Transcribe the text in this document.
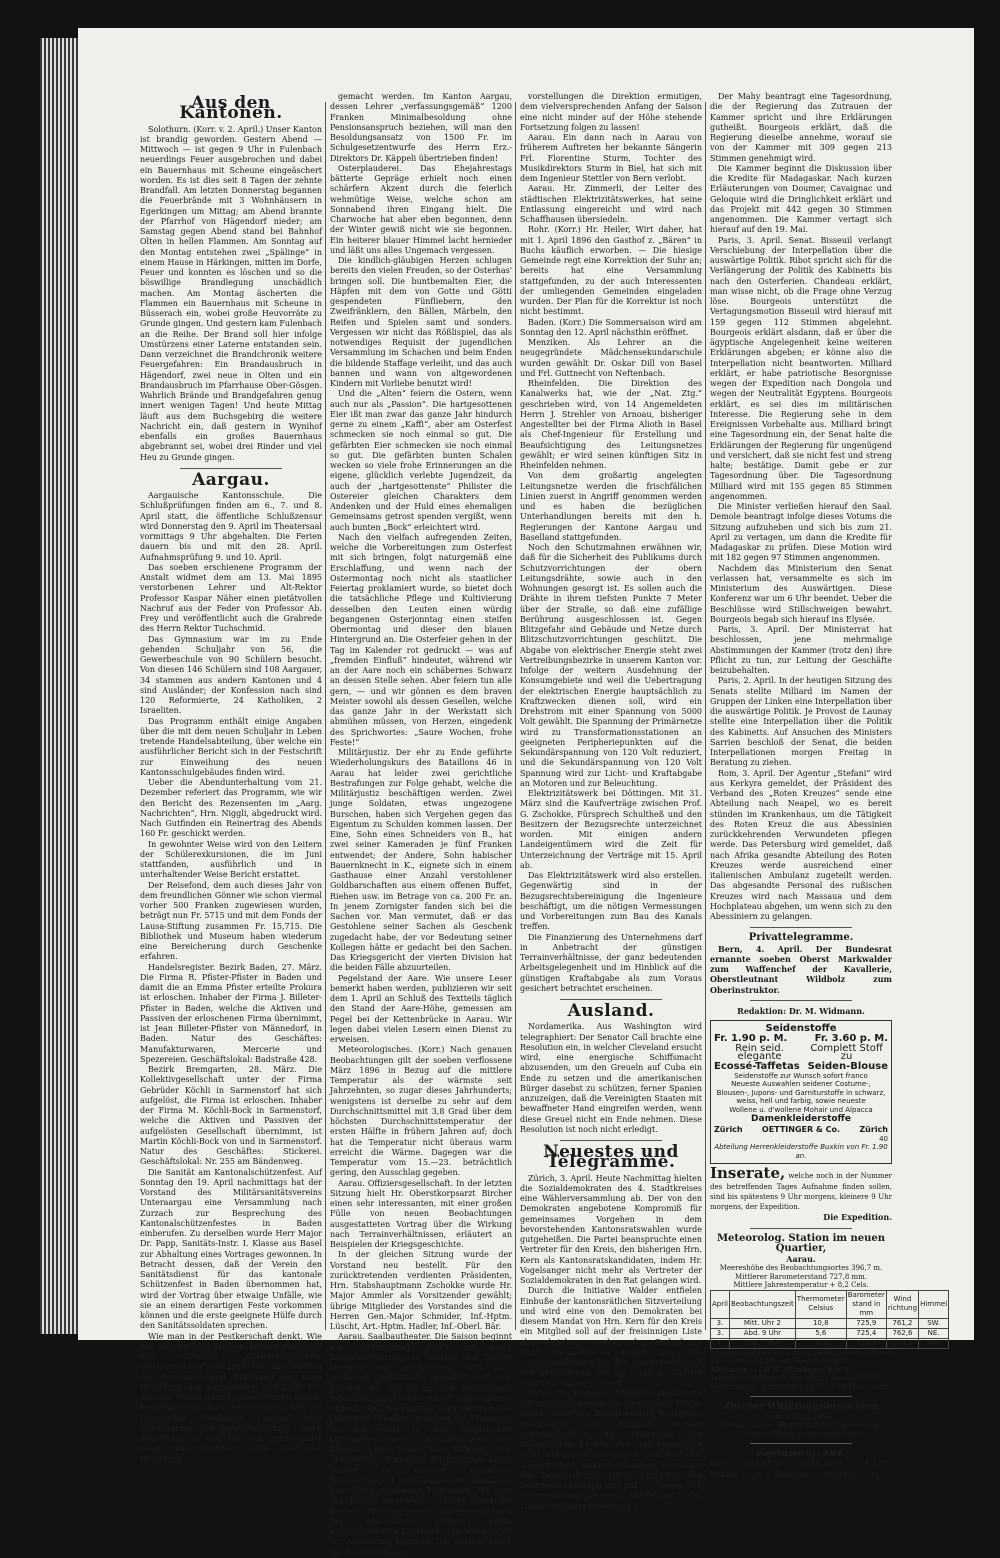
Aus den Kantonen.

Solothurn. (Korr. v. 2. April.) Unser Kanton ist brandig geworden. Gestern Abend — Mittwoch — ist gegen 9 Uhr in Fulenbach neuerdings Feuer ausgebrochen und dabei ein Bauernhaus mit Scheune eingeäschert worden. Es ist dies seit 8 Tagen der zehnte Brandfall. Am letzten Donnerstag begannen die Feuerbrände mit 3 Wohnhäusern in Egerkingen um Mittag; am Abend brannte der Pfarrhof von Hägendorf nieder; am Samstag gegen Abend stand bei Bahnhof Olten in hellen Flammen. Am Sonntag auf den Montag entstehen zwei „Spälinge“ in einem Hause in Härkingen, mitten im Dorfe, Feuer und konnten es löschen und so die böswillige Brandlegung unschädlich machen. Am Montag äscherten die Flammen ein Bauernhaus mit Scheune in Büsserach ein, wobei große Heuvorräte zu Grunde gingen. Und gestern kam Fulenbach an die Reihe. Der Brand soll hier infolge Umstürzens einer Laterne entstanden sein. Dann verzeichnet die Brandchronik weitere Feuergefahren: Ein Brandausbruch in Hägendorf, zwei neue in Olten und ein Brandausbruch im Pfarrhause Ober-Gösgen. Wahrlich Brände und Brandgefahren genug innert wenigen Tagen! Und heute Mittag läuft aus dem Buchsgebirg die weitere Nachricht ein, daß gestern in Wynihof ebenfalls ein großes Bauernhaus abgebrannt sei, wobei drei Rinder und viel Heu zu Grunde gingen.

Aargau.

Aargauische Kantonsschule. Die Schlußprüfungen finden am 6., 7. und 8. April statt, die öffentliche Schlußzensur wird Donnerstag den 9. April im Theatersaal vormittags 9 Uhr abgehalten. Die Ferien dauern bis und mit den 28. April. Aufnahmsprüfung 9. und 10. April.

Das soeben erschienene Programm der Anstalt widmet dem am 13. Mai 1895 verstorbenen Lehrer und Alt-Rektor Professor Kaspar Näher einen pietätvollen Nachruf aus der Feder von Professor Ab. Frey und veröffentlicht auch die Grabrede des Herrn Rektor Tuchschmid.

Das Gymnasium war im zu Ende gehenden Schuljahr von 56, die Gewerbeschule von 90 Schülern besucht. Von diesen 146 Schülern sind 108 Aargauer, 34 stammen aus andern Kantonen und 4 sind Ausländer; der Konfession nach sind 120 Reformierte, 24 Katholiken, 2 Israeliten.

Das Programm enthält einige Angaben über die mit dem neuen Schuljahr in Leben tretende Handelsabteilung, über welche ein ausführlicher Bericht sich in der Festschrift zur Einweihung des neuen Kantonsschulgebäudes finden wird.

Ueber die Abendunterhaltung vom 21. Dezember referiert das Programm, wie wir den Bericht des Rezensenten im „Aarg. Nachrichten“, Hrn. Niggli, abgedruckt wird. Nach Gutfinden ein Reinertrag des Abends 160 Fr. geschickt werden.

In gewohnter Weise wird von den Leitern der Schülerexkursionen, die im Juni stattfanden, ausführlich und in unterhaltender Weise Bericht erstattet.

Der Reisefond, dem auch dieses Jahr von dem freundlichen Gönner wie schon viermal vorher 500 Franken zugewiesen wurden, beträgt nun Fr. 5715 und mit dem Fonds der Lausa-Stiftung zusammen Fr. 15,715. Die Bibliothek und Museum haben wiederum eine Bereicherung durch Geschenke erfahren.

Handelsregister. Bezirk Baden, 27. März. Die Firma R. Pfister-Pfister in Baden und damit die an Emma Pfister erteilte Prokura ist erloschen. Inhaber der Firma J. Billeter-Pfister in Baden, welche die Aktiven und Passiven der erloschenen Firma übernimmt, ist Jean Billeter-Pfister von Männedorf, in Baden. Natur des Geschäftes: Manufakturwaren, Mercerie und Spezereien. Geschäftslokal: Badstraße 428.

Bezirk Bremgarten, 28. März. Die Kollektivgesellschaft unter der Firma Gebrüder Köchli in Sarmenstorf hat sich aufgelöst, die Firma ist erloschen. Inhaber der Firma M. Köchli-Bock in Sarmenstorf, welche die Aktiven und Passiven der aufgelösten Gesellschaft übernimmt, ist Martin Köchli-Bock von und in Sarmenstorf. Natur des Geschäftes: Stickerei. Geschäftslokal: Nr. 255 am Bändenweg.

Die Sanität am Kantonalschützenfest. Auf Sonntag den 19. April nachmittags hat der Vorstand des Militärsanitätsvereins Unteraargau eine Versammlung nach Zurzach zur Besprechung des Kantonalschützenfestes in Baden einberufen. Zu derselben wurde Herr Major Dr. Papp, Sanitäts-Instr. I. Klasse aus Basel zur Abhaltung eines Vortrages gewonnen. In Betracht dessen, daß der Verein den Sanitätsdienst für das kantonale Schützenfest in Baden übernommen hat, wird der Vortrag über etwaige Unfälle, wie sie an einem derartigen Feste vorkommen können und die erste geeignete Hülfe durch den Sanitätssoldaten sprechen.

Wie man in der Pestkerschaft denkt. Wie aus bäuerlichen Kreisen heraus denkende und wirkende „Bülach-Dielsdorfer Wochenzeitung“ plädiert für Abschaffung der Pensionen und Erhöhung der fixen Besoldung der Primarlehrer auf 2000 Fr., die vom Staate ganz zu übernehmen wären. Das Blatt legt das Geständnis ab, daß die finanziellen Bedenken gegen eine Uebernahme der Lehrerbesoldung durch den Staat an und für sich unbegründet seien; man komme, sollte aber der Besoldung

gemacht werden. Im Kanton Aargau, dessen Lehrer „verfassungsgemäß“ 1200 Franken Minimalbesoldung ohne Pensionsanspruch beziehen, will man den Besoldungsansatz von 1500 Fr. im Schulgesetzentwurfe des Herrn Erz.-Direktors Dr. Käppeli übertrieben finden!

Osterplauderei. Das Ehejahrestags bätterte Gepräge erhielt noch einen schärfern Akzent durch die feierlich wehmütige Weise, welche schon am Sonnabend ihren Eingang hielt. Die Charwoche hat aber eben begonnen, denn der Winter gewiß nicht wie sie begonnen. Ein heiterer blauer Himmel lacht hernieder und läßt uns alles Ungemach vergessen.

Die kindlich-gläubigen Herzen schlugen bereits den vielen Freuden, so der Osterhas' bringen soll. Die buntbemalten Eier, die Häpfen mit dem von Gotte und Götti gespendeten Fünfliebern, den Zweifränklern, den Bällen, Märbeln, den Reifen und Spielen samt und sonders. Vergessen wir nicht das Rößlispiel, das als notwendiges Requisit der jugendlichen Versammlung im Schachen und beim Enden die bildende Staffage verleiht, und das auch bannen und wann von altgewordenen Kindern mit Vorliebe benutzt wird!

Und die „Alten“ feiern die Ostern, wenn auch nur als „Passion“. Die hartgesottenen Eier ißt man zwar das ganze Jahr hindurch gerne zu einem „Kaffi“, aber am Osterfest schmecken sie noch einmal so gut. Die gefärbten Eier schmecken sie noch einmal so gut. Die gefärbten bunten Schalen wecken so viele frohe Erinnerungen an die eigene, glücklich verlebte Jugendzeit, da auch der „hartgesottenste“ Philister die Ostereier gleichen Charakters dem Andenken und der Huld eines ehemaligen Gemeinsams getrost spenden vergißt, wenn auch bunten „Bock“ erleichtert wird.

Nach den vielfach aufregenden Zeiten, welche die Vorbereitungen zum Osterfest mit sich bringen, folgt naturgemäß eine Erschlaffung, und wenn nach der Ostermontag noch nicht als staatlicher Feiertag proklamiert wurde, so bietet doch die tatsächliche Pflege und Kultivierung desselben den Leuten einen würdig begangenen Osterjonntag einen steifen Obermontag und dieser den blauen Hintergrund an. Die Osterfeier gehen in der Tag im Kalender rot gedruckt — was auf „fremden Einfluß“ hindeutet, während wir an der Aare noch ein schäbernes Schwarz an dessen Stelle sehen. Aber feiern tun alle gern, — und wir gönnen es dem braven Meister sowohl als dessen Gesellen, welche das ganze Jahr in der Werkstatt sich abmühen müssen, von Herzen, eingedenk des Sprichwortes: „Saure Wochen, frohe Feste!“

Militärjustiz. Der ehr zu Ende geführte Wiederholungskurs des Bataillons 46 in Aarau hat leider zwei gerichtliche Bestrafungen zur Folge gehabt, welche die Militärjustiz beschäftigen werden. Zwei junge Soldaten, etwas ungezogene Burschen, haben sich Vergehen gegen das Eigentum zu Schulden kommen lassen. Der Eine, Sohn eines Schneiders von B., hat zwei seiner Kameraden je fünf Franken entwendet; der Andere, Sohn habischer Bauernknecht in K., eignete sich in einem Gasthause einer Anzahl verstohlener Goldbarschaften aus einem offenen Buffet, Riehen usw. im Betrage von ca. 200 Fr. an. In jenem Zornigster fanden sich bei die Sachen vor. Man vermutet, daß er das Gestohlene seiner Sachen als Geschenk zugedacht habe, der vor Bedeutung seiner Kollegen hätte er gedacht bei den Sachen. Das Kriegsgericht der vierten Division hat die beiden Fälle abzuurteilen.

Pegelstand der Aare. Wie unsere Leser bemerkt haben werden, publizieren wir seit dem 1. April an Schluß des Textteils täglich den Stand der Aare-Höhe, gemessen am Pegel bei der Kettenbrücke in Aarau. Wir legen dabei vielen Lesern einen Dienst zu erweisen.

Meteorologisches. (Korr.) Nach genauen Beobachtungen gilt der soeben verflossene März 1896 in Bezug auf die mittlere Temperatur als der wärmste seit Jahrzehnten, so zugar dieses Jahrhunderts; wenigstens ist derselbe zu sehr auf dem Durchschnittsmittel mit 3,8 Grad über dem höchsten Durchschnittstemperatur der ersten Hälfte in frühern Jahren auf; doch hat die Temperatur nicht überaus warm erreicht die Wärme. Dagegen war die Temperatur vom 15.—23. beträchtlich gering, den Ausschlag gegeben.

Aarau. Offiziersgesellschaft. In der letzten Sitzung hielt Hr. Oberstkorpsarzt Bircher einen sehr interessanten, mit einer großen Fülle von neuen Beobachtungen ausgestatteten Vortrag über die Wirkung nach Terrainverhältnissen, erläutert an Beispielen der Kriegsgeschichte.

In der gleichen Sitzung wurde der Vorstand neu bestellt. Für den zurücktretenden verdienten Präsidenten, Hrn. Stabshauptmann Zschokke wurde Hr. Major Ammler als Vorsitzender gewählt; übrige Mitglieder des Vorstandes sind die Herren Gen.-Major Schmider, Inf.-Hptm. Lüscht, Art.-Hptm. Hadler, Inf.-Oberl. Bär.

Aarau. Saalbautheater. Die Saison beginnt am Ostermontag gleich mit einer Doppelaufführung, in welcher der findige Direktor mit glücklichem Griff zwei wirksame Volksstücke gewählt hat; sie gehören zu den in unserer Bevölkerung jedenfalls als „Kinderstück“ oder ebenso beliebt. Am Nachmittag wird nämlich die „Else vom Erlenhof“ gegeben, die Prinzessin zu den einst in den Ungarischen Ortsbgaften Besuch erhalten wird und Abends „Die Waise von Lowood“ die überwältige, vor allem leichtsinnige Leute wieder in unserer eingeleste Volksschauspiel mit spannender Handlung und vielen rührenden Momenten. Da aber die Truppe aus allen ... recht anständig dasteht, Fräulein jeweilen an jenem Abend bei gestrolltem Ludwig Fulda ausgezeichneten Lustspiel „Die wilde Jagd“ zur Aufführung kommen. Das nächste Stück bei der Eröffnungs-

vorstellungen die Direktion ermutigen, dem vielversprechenden Anfang der Saison eine nicht minder auf der Höhe stehende Fortsetzung folgen zu lassen!

Aarau. Ein dann nach in Aarau von früherem Auftreten her bekannte Sängerin Frl. Florentine Sturm, Tochter des Musikdirektors Sturm in Biel, hat sich mit dem Ingenieur Stettler von Bern verlobt.

Aarau. Hr. Zimmerli, der Leiter des städtischen Elektrizitätswerkes, hat seine Entlassung eingereicht und wird nach Schaffhausen übersiedeln.

Rohr. (Korr.) Hr. Heiler, Wirt daher, hat mit 1. April 1896 den Gasthof z. „Bären“ in Buchs käuflich erworben. — Die hiesige Gemeinde regt eine Korrektion der Suhr an; bereits hat eine Versammlung stattgefunden, zu der auch Interessenten der umliegenden Gemeinden eingeladen wurden. Der Plan für die Korrektur ist noch nicht bestimmt.

Baden. (Korr.) Die Sommersaison wird am Sonntag den 12. April nächsthin eröffnet.

Menziken. Als Lehrer an die neugegründete Mädchensekundarschule wurden gewählt Dr. Oskar Dill von Basel und Frl. Guttnecht von Neftenbach.

Rheinfelden. Die Direktion des Kanalwerks hat, wie der „Nat. Ztg.“ geschrieben wird, von 14 Angemeldeten Herrn J. Strehler von Arnoau, bisheriger Angestellter bei der Firma Alioth in Basel als Chef-Ingenieur für Erstellung und Beaufsichtigung des Leitungsnetzes gewählt; er wird seinen künftigen Sitz in Rheinfelden nehmen.

Von dem großartig angelegten Leitungsnetze werden die frischfälichen Linien zuerst in Angriff genommen werden und es haben die bezüglichen Unterhandlungen bereits mit den h. Regierungen der Kantone Aargau und Baselland stattgefunden.

Noch den Schutzmahnen erwähnen wir, daß für die Sicherheit des Publikums durch Schutzvorrichtungen der obern Leitungsdrähte, sowie auch in den Wohnungen gesorgt ist. Es sollen auch die Drähte in ihrem tiefsten Punkte 7 Meter über der Straße, so daß eine zufällige Berührung ausgeschlossen ist. Gegen Blitzgefahr sind Gebäude und Netze durch Blitzschutzvorrichtungen geschützt. Die Abgabe von elektrischer Energie steht zwei Vertreibungsbezirke in unserem Kanton vor. Infolge der weitern Ausdehnung der Konsumgebiete und weil die Uebertragung der elektrischen Energie hauptsächlich zu Kraftzwecken dienen soll, wird ein Drehstrom mit einer Spannung von 5000 Volt gewählt. Die Spannung der Primärnetze wird zu Transformationsstationen an geeigneten Peripheriepunkten auf die Sekundärspannung von 120 Volt reduziert, und die Sekundärspannung von 120 Volt Spannung wird zur Licht- und Kraftabgabe an Motoren und zur Beleuchtung.

Elektrizitätswerk bei Döttingen. Mit 31. März sind die Kaufverträge zwischen Prof. G. Zschokke, Fürsprech Schultheß und den Besitzern der Bezugsrechte unterzeichnet worden. Mit einigen andern Landeigentümern wird die Zeit für Unterzeichnung der Verträge mit 15. April ab.

Das Elektrizitätswerk wird also erstellen. Gegenwärtig sind in der Bezugsrechtsbereinigung die Ingenieure beschäftigt, um die nötigen Vermessungen und Vorbereitungen zum Bau des Kanals treffen.

Die Finanzierung des Unternehmens darf in Anbetracht der günstigen Terrainverhältnisse, der ganz bedeutenden Arbeitsgelegenheit und im Hinblick auf die günstigen Kraftabgabe als zum Voraus gesichert betrachtet erscheinen.

Ausland.

Nordamerika. Aus Washington wird telegraphiert: Der Senator Call brachte eine Resolution ein, in welcher Cleveland ersucht wird, eine energische Schiffsmacht abzusenden, um den Greueln auf Cuba ein Ende zu setzen und die amerikanischen Bürger dasebst zu schützen, ferner Spanien anzuzeigen, daß die Vereinigten Staaten mit bewaffneter Hand eingreifen werden, wenn diese Greuel nicht ein Ende nehmen. Diese Resolution ist noch nicht erledigt.

Neuestes und Telegramme.

Zürich, 3. April. Heute Nachmittag hielten die Sozialdemokraten des 4. Stadtkreises eine Wählerversammlung ab. Der von den Demokraten angebotene Kompromiß für gemeinsames Vorgehen in dem bevorstehenden Kantonsratswahlen wurde gutgeheißen. Die Partei beanspruchte einen Vertreter für den Kreis, den bisherigen Hrn. Kern als Kantonsratskandidaten, indem Hr. Vogelsanger nicht mehr als Vertreter der Sozialdemokraten in den Rat gelangen wird.

Durch die Initiative Walder entfielen Einbuße der kantonsrätlichen Sitzverteilung und wird eine von den Demokraten bei diesem Mandat von Hrn. Kern für den Kreis ein Mitglied soll auf der freisinnigen Liste abgeschrieben werden, das Bedarf an Kantonsratsmandaten ergibt sich. Die Sozialdemokraten für den durch Demission frei gewordenen Sitz im Großen Stadtrat wird Leuchinger portiert.

Paris, 2. Kammer. Mehrere Deputierte interpellieren wegen der ägyptischen Frage. Unter lebhaftem Beifall erklärt Bourgeois, Frankreich und Rußland werden gemeinschaftlich die Interessen der Völkerrechte. Er wünsche, daß Frankreich sich in Egypten vereinigen und dort die Völkerfreiheit wahren. Charmes beantragt die Tagesordnung. Diese wird von der Bourgeois bekämpft und mit 317 gegen 241 Stimmen angenommen. (Beifall auf der Linken, lebhafte Bewegung.)

Der Mahy beantragt eine Tagesordnung, die der Regierung das Zutrauen der Kammer spricht und ihre Erklärungen gutheißt. Bourgeois erklärt, daß die Regierung dieselbe annehme, worauf sie von der Kammer mit 309 gegen 213 Stimmen genehmigt wird.

Die Kammer beginnt die Diskussion über die Kredite für Madagaskar. Nach kurzen Erläuterungen von Doumer, Cavaignac und Geloquie wird die Dringlichkeit erklärt und das Projekt mit 442 gegen 30 Stimmen angenommen. Die Kammer vertagt sich hierauf auf den 19. Mai.

Paris, 3. April. Senat. Bisseuil verlangt Verschiebung der Interpellation über die auswärtige Politik. Ribot spricht sich für die Verlängerung der Politik des Kabinetts bis nach den Osterferien. Chandeau erklärt, man wisse nicht, ob die Frage ohne Verzug löse. Bourgeois unterstützt die Vertagungsmotion Bisseuil wird hierauf mit 159 gegen 112 Stimmen abgelehnt. Bourgeois erklärt alsdann, daß er über die ägyptische Angelegenheit keine weiteren Erklärungen abgeben; er könne also die Interpellation nicht beantworten. Milliard erklärt, er habe patriotische Besorgnisse wegen der Expedition nach Dongola und wegen der Neutralität Egyptens. Bourgeois erklärt, es sei dies im militärischen Interesse. Die Regierung sehe in dem Ereignissen Vorbehalte aus. Milliard bringt eine Tagesordnung ein, der Senat halte die Erklärungen der Regierung für ungenügend und versichert, daß sie nicht fest und streng halte; bestätige. Damit gebe er zur Tagesordnung über. Die Tagesordnung Milliard wird mit 155 gegen 85 Stimmen angenommen.

Die Minister verließen hierauf den Saal. Demole beantragt infolge dieses Votums die Sitzung aufzuheben und sich bis zum 21. April zu vertagen, um dann die Kredite für Madagaskar zu prüfen. Diese Motion wird mit 182 gegen 97 Stimmen angenommen.

Nachdem das Ministerium den Senat verlassen hat, versammelte es sich im Ministerium des Auswärtigen. Diese Konferenz war um 6 Uhr beendet. Ueber die Beschlüsse wird Stillschweigen bewahrt. Bourgeois begab sich hierauf ins Elysée.

Paris, 3. April. Der Ministerrat hat beschlossen, jene mehrmalige Abstimmungen der Kammer (trotz den) ihre Pflicht zu tun, zur Leitung der Geschäfte beizubehalten.

Paris, 2. April. In der heutigen Sitzung des Senats stellte Milliard im Namen der Gruppen der Linken eine Interpellation über die auswärtige Politik. Je Provost de Launay stellte eine Interpellation über die Politik des Kabinetts. Auf Ansuchen des Ministers Sarrien beschloß der Senat, die beiden Interpellationen morgen Freitag in Beratung zu ziehen.

Rom, 3. April. Der Agentur „Stefani“ wird aus Kerkyra gemeldet, der Präsident des Verband des „Roten Kreuzes“ sende eine Abteilung nach Neapel, wo es bereit stünden im Krankenhaus, um die Tätigkeit des Roten Kreuz die aus Abessinien zurückkehrenden Verwundeten pflegen werde. Das Petersburg wird gemeldet, daß nach Afrika gesandte Abteilung des Roten Kreuzes werde ausreichend einer italienischen Ambulanz zugeteilt werden. Das abgesandte Personal des rußischen Kreuzes wird nach Massaua und dem Hochplateau abgehen, um wenn sich zu den Abessiniern zu gelangen.

Privattelegramme.

Bern, 4. April. Der Bundesrat ernannte soeben Oberst Markwalder zum Waffenchef der Kavallerie, Oberstleutnant Wildbolz zum Oberinstruktor.

Redaktion: Dr. M. Widmann.
Seidenstoffe
Fr. 1.90 p. M.	Fr. 3.60 p. M.
Rein seid. elegante
Complett Stoff zu
Ecossé-Taffetas Seiden-Blouse
Seidenstoffe zur Wunsch sofort franco
Neueste Auswahlen seidener Costume-, Blousen-, Jupons- und Garniturstoffe in schwarz, weiss, hell und farbig, sowie neueste
Wollene u. d'wollene Mohair und Alpacca
Damenkleiderstoffe
Zürich OETTINGER & Co. Zürich
40
Abteilung Herrenkleiderstoffe Buxkin von Fr. 1.90 an.
Inserate, welche noch in der Nummer des betreffenden Tages Aufnahme finden sollen, sind bis spätestens 9 Uhr morgens, kleinere 9 Uhr morgens, der Expedition.
Die Expedition.
Meteorolog. Station im neuen Quartier,
Aarau.
Meereshöhe des Beobachtungsortes 396,7 m.
Mittlerer Barometerstand 727,8 mm.
Mittlere Jahrestemperatur + 8,2 Cels.
April	Beobachtungszeit	Thermometer Celsius	Barometer stand in mm	Wind richtung	Himmel
3.	Mitt. Uhr 2	10,8	725,9	761,2	SW.
3.	Abd. 9 Uhr	5,6	725,4	762,6	NE.
4.	Mrg. 7 Uhr	4,0	725,1	763,1	NW.
Angaben der beiden Extremthermometer während 24 Stunden, abgelesen Abends 9 Uhr:
Minimum —1,0 °C. Maximum 4,9 °C.
Temperatur-Minimum der letzten Nacht 1,5 °C.
Niederschlag, gemessen früh 7Uhr 30 Min. — mm.
Zürcher Witterungsaussichten
vom 4. April 1896.
Veränderliches Bewölkung, ohne erhebliche Niederschläge, fortdauernd rauh.
Pegelstand der Aare.
April 3. Mittags
3,17 m
3. Abends
3,18 m
April 4. Morgens
3,21 m
